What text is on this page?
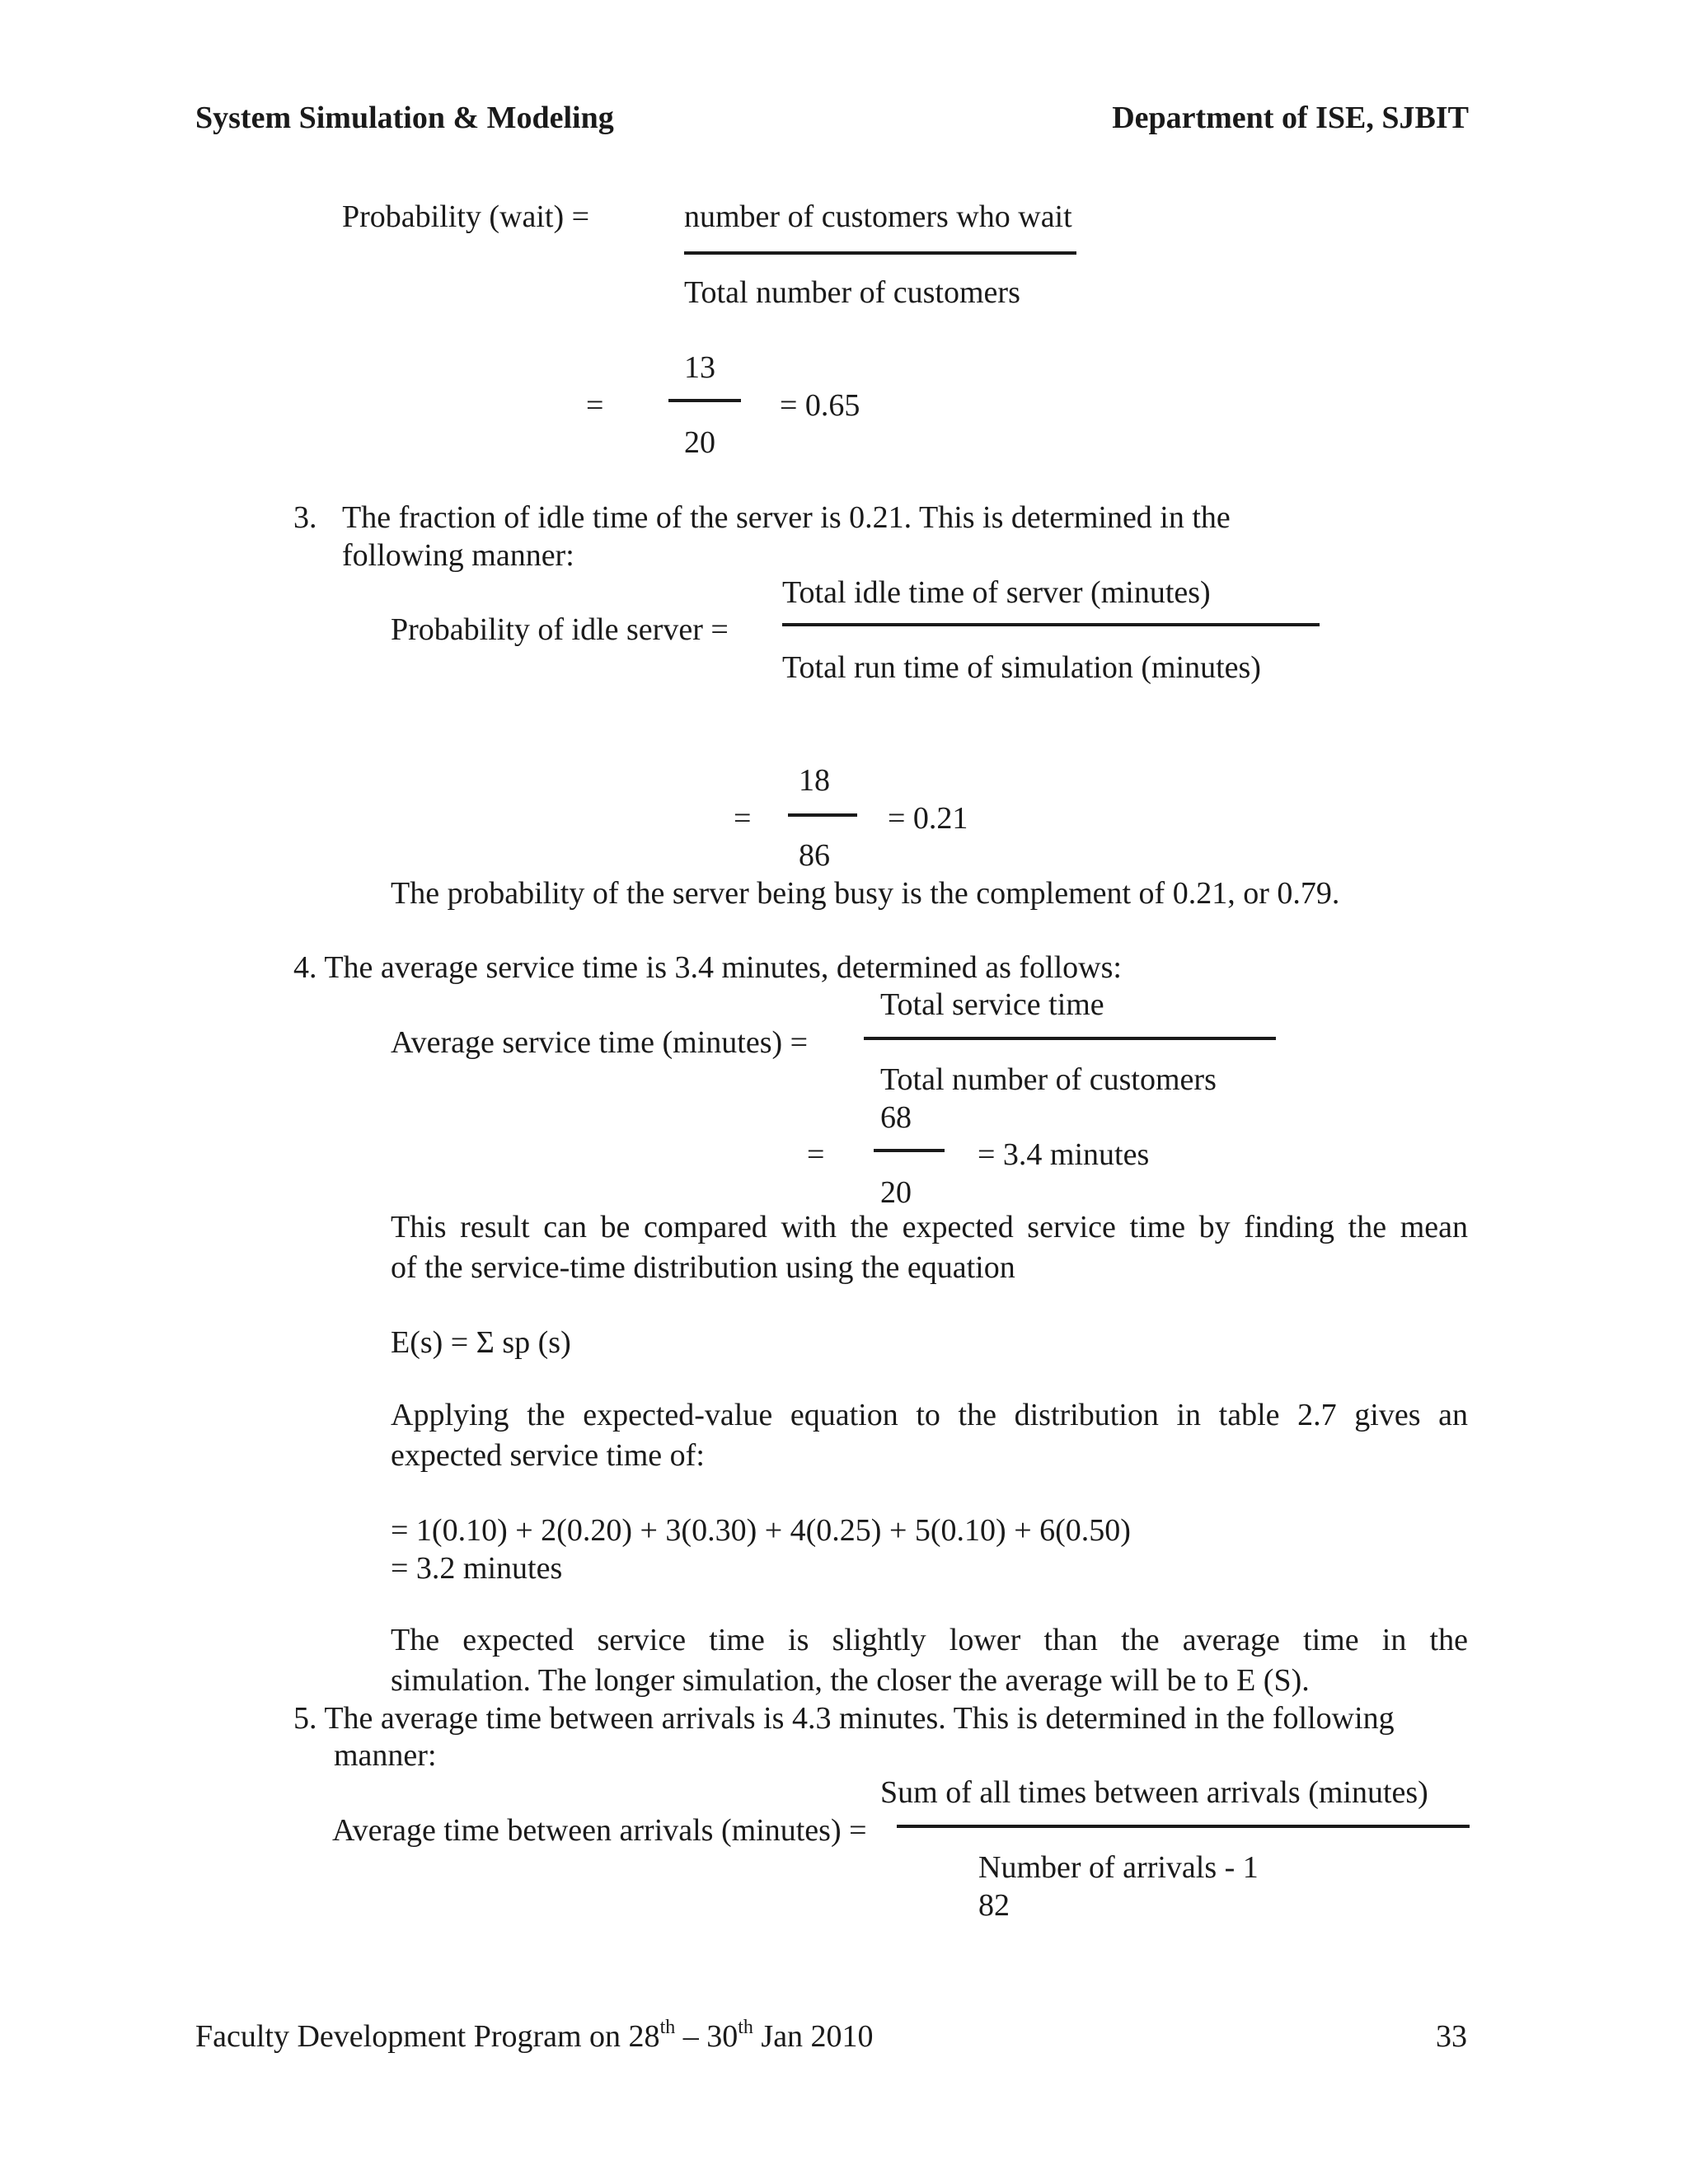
System Simulation & Modeling	Department of ISE, SJBIT
Probability (wait) =	number of customers who wait
Total number of customers
13
=	= 0.65
20
3. The fraction of idle time of the server is 0.21. This is determined in the
following manner:
Total idle time of server (minutes)
Probability of idle server =
Total run time of simulation (minutes)
18
=	= 0.21
86
The probability of the server being busy is the complement of 0.21, or 0.79.
4. The average service time is 3.4 minutes, determined as follows:
Total service time
Average service time (minutes) =
Total number of customers
68
=	= 3.4 minutes
20
This result can be compared with the expected service time by finding the mean
of the service-time distribution using the equation
E(s) = Σ sp (s)
Applying the expected-value equation to the distribution in table 2.7 gives an
expected service time of:
= 1(0.10) + 2(0.20) + 3(0.30) + 4(0.25) + 5(0.10) + 6(0.50)
= 3.2 minutes
The expected service time is slightly lower than the average time in the
simulation. The longer simulation, the closer the average will be to E (S).
5. The average time between arrivals is 4.3 minutes. This is determined in the following
manner:
Sum of all times between arrivals (minutes)
Average time between arrivals (minutes) =
Number of arrivals - 1
82
Faculty Development Program on 28th – 30th Jan 2010	33
